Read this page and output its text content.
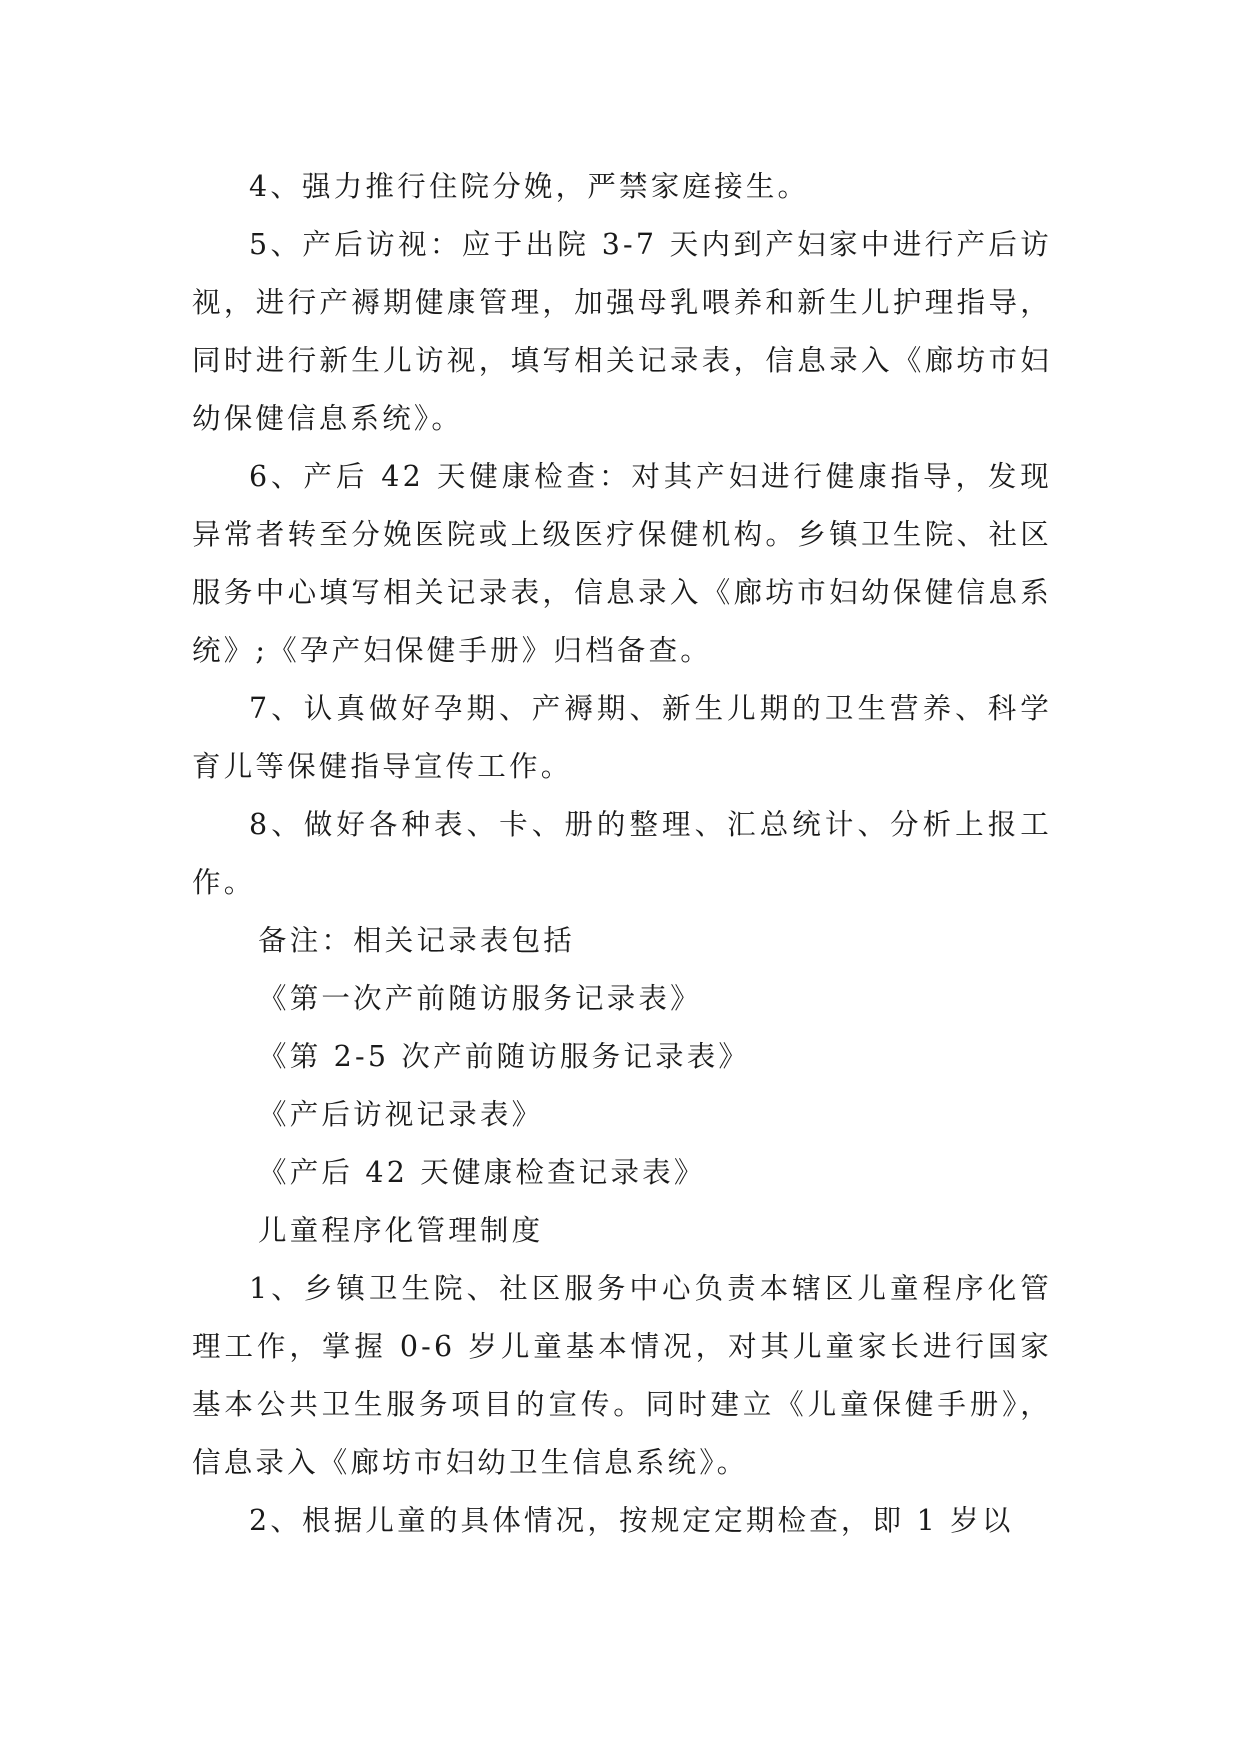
4、强力推行住院分娩，严禁家庭接生。

5、产后访视：应于出院 3-7 天内到产妇家中进行产后访视，进行产褥期健康管理，加强母乳喂养和新生儿护理指导，同时进行新生儿访视，填写相关记录表，信息录入《廊坊市妇幼保健信息系统》。

6、产后 42 天健康检查：对其产妇进行健康指导，发现异常者转至分娩医院或上级医疗保健机构。乡镇卫生院、社区服务中心填写相关记录表，信息录入《廊坊市妇幼保健信息系统》;《孕产妇保健手册》归档备查。

7、认真做好孕期、产褥期、新生儿期的卫生营养、科学育儿等保健指导宣传工作。

8、做好各种表、卡、册的整理、汇总统计、分析上报工作。

备注：相关记录表包括

《第一次产前随访服务记录表》

《第 2-5 次产前随访服务记录表》

《产后访视记录表》

《产后 42 天健康检查记录表》

儿童程序化管理制度

1、乡镇卫生院、社区服务中心负责本辖区儿童程序化管理工作，掌握 0-6 岁儿童基本情况，对其儿童家长进行国家基本公共卫生服务项目的宣传。同时建立《儿童保健手册》，信息录入《廊坊市妇幼卫生信息系统》。

2、根据儿童的具体情况，按规定定期检查，即 1 岁以
